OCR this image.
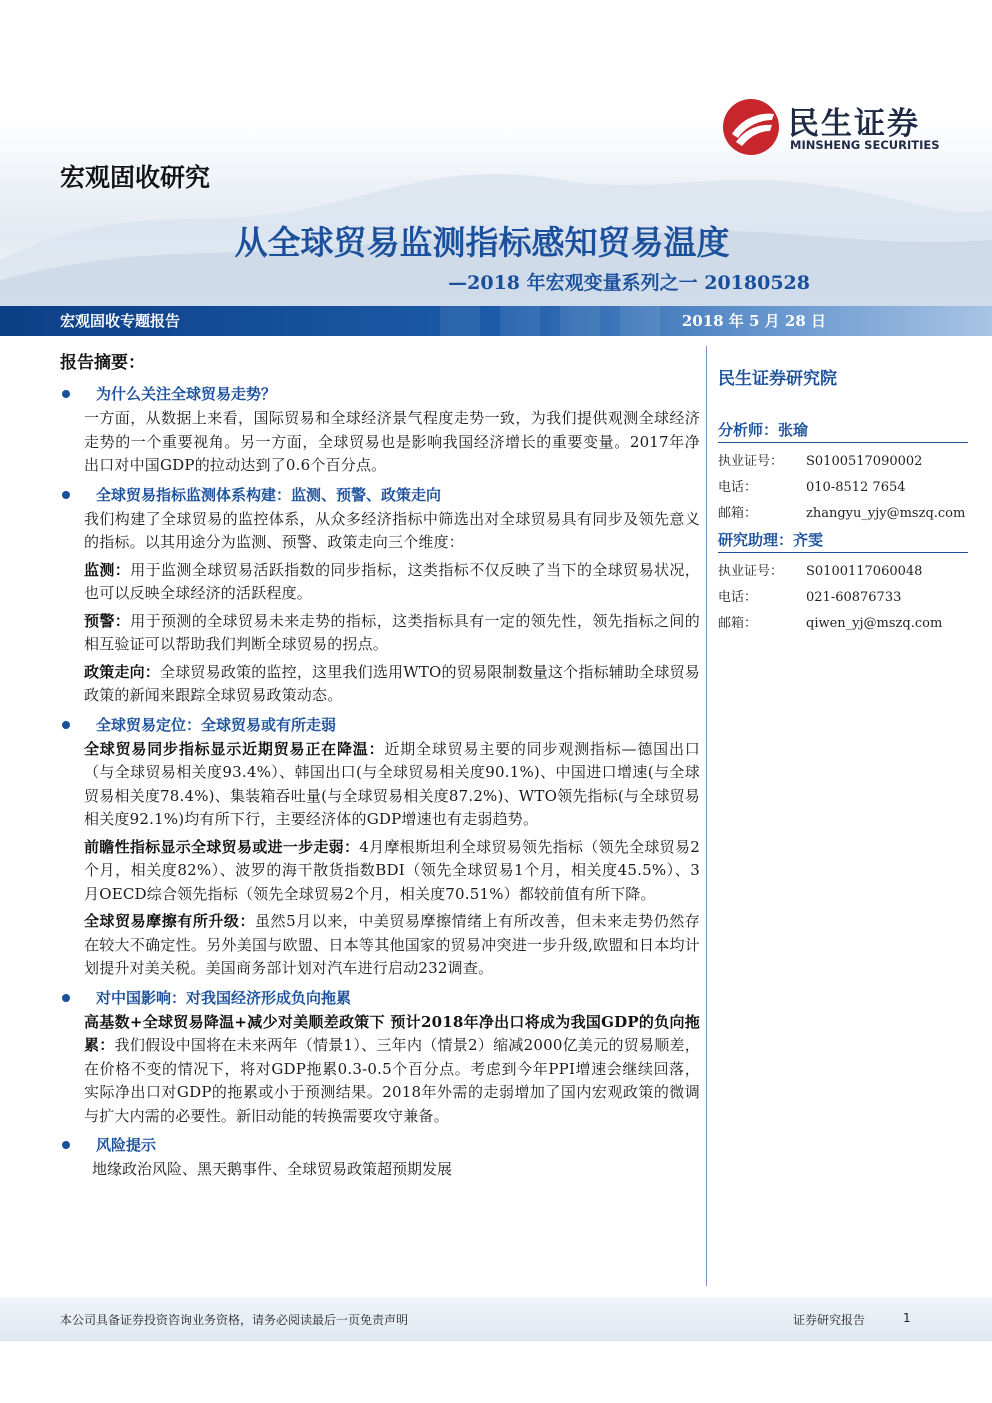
民生证券
MINSHENG SECURITIES
宏观固收研究
从全球贸易监测指标感知贸易温度
—2018 年宏观变量系列之一 20180528
宏观固收专题报告	2018 年 5 月 28 日
报告摘要：
为什么关注全球贸易走势？
一方面，从数据上来看，国际贸易和全球经济景气程度走势一致，为我们提供观测全球经济走势的一个重要视角。另一方面，全球贸易也是影响我国经济增长的重要变量。2017年净出口对中国GDP的拉动达到了0.6个百分点。
全球贸易指标监测体系构建：监测、预警、政策走向
我们构建了全球贸易的监控体系，从众多经济指标中筛选出对全球贸易具有同步及领先意义的指标。以其用途分为监测、预警、政策走向三个维度：
监测：用于监测全球贸易活跃指数的同步指标，这类指标不仅反映了当下的全球贸易状况，也可以反映全球经济的活跃程度。
预警：用于预测的全球贸易未来走势的指标，这类指标具有一定的领先性，领先指标之间的相互验证可以帮助我们判断全球贸易的拐点。
政策走向：全球贸易政策的监控，这里我们选用WTO的贸易限制数量这个指标辅助全球贸易政策的新闻来跟踪全球贸易政策动态。
全球贸易定位：全球贸易或有所走弱
全球贸易同步指标显示近期贸易正在降温：近期全球贸易主要的同步观测指标—德国出口（与全球贸易相关度93.4%）、韩国出口(与全球贸易相关度90.1%)、中国进口增速(与全球贸易相关度78.4%)、集装箱吞吐量(与全球贸易相关度87.2%)、WTO领先指标(与全球贸易相关度92.1%)均有所下行，主要经济体的GDP增速也有走弱趋势。
前瞻性指标显示全球贸易或进一步走弱：4月摩根斯坦利全球贸易领先指标（领先全球贸易2个月，相关度82%）、波罗的海干散货指数BDI（领先全球贸易1个月，相关度45.5%）、3月OECD综合领先指标（领先全球贸易2个月，相关度70.51%）都较前值有所下降。
全球贸易摩擦有所升级：虽然5月以来，中美贸易摩擦情绪上有所改善，但未来走势仍然存在较大不确定性。另外美国与欧盟、日本等其他国家的贸易冲突进一步升级,欧盟和日本均计划提升对美关税。美国商务部计划对汽车进行启动232调查。
对中国影响：对我国经济形成负向拖累
高基数+全球贸易降温+减少对美顺差政策下 预计2018年净出口将成为我国GDP的负向拖累：我们假设中国将在未来两年（情景1）、三年内（情景2）缩减2000亿美元的贸易顺差，在价格不变的情况下，将对GDP拖累0.3-0.5个百分点。考虑到今年PPI增速会继续回落，实际净出口对GDP的拖累或小于预测结果。2018年外需的走弱增加了国内宏观政策的微调与扩大内需的必要性。新旧动能的转换需要攻守兼备。
风险提示
地缘政治风险、黑天鹅事件、全球贸易政策超预期发展
民生证券研究院
分析师：张瑜
执业证号：	S0100517090002
电话：	010-8512 7654
邮箱：	zhangyu_yjy@mszq.com
研究助理：齐雯
执业证号：	S0100117060048
电话：	021-60876733
邮箱：	qiwen_yj@mszq.com
本公司具备证券投资咨询业务资格，请务必阅读最后一页免责声明	证券研究报告	1
